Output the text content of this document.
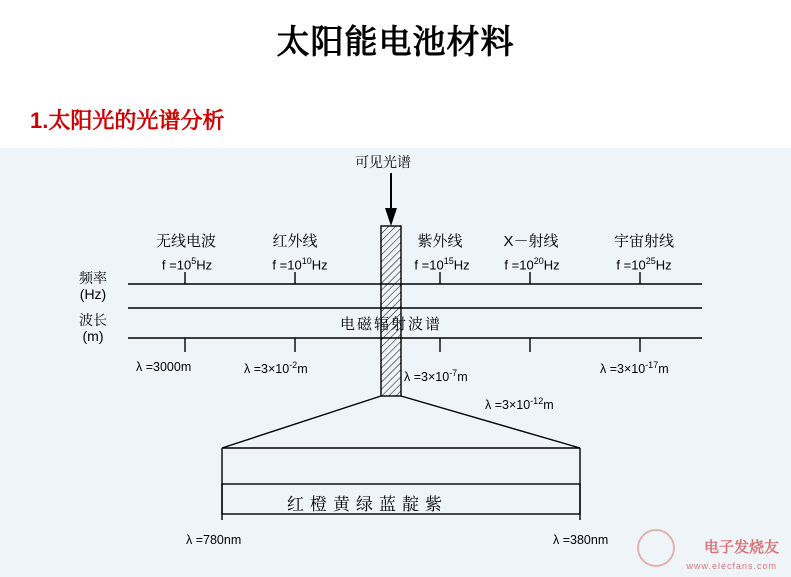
太阳能电池材料
1.太阳光的光谱分析
可见光谱
无线电波	红外线	紫外线	X－射线	宇宙射线
$f =10^5Hz$	$f =10^{10}Hz$	$f =10^{15}Hz$	$f =10^{20}Hz$	$f =10^{25}Hz$
频率
(Hz)
波长
(m)
电磁辐射波谱
λ =3000m	$\lambda =3\times 10^{-2}m$
$\lambda =3\times 10^{-7}m$
$\lambda =3\times 10^{-12}m$
$\lambda =3\times 10^{-17}m$
红橙黄绿蓝靛紫
λ =780nm	λ =380nm	电子发烧友
www.elecfans.com
